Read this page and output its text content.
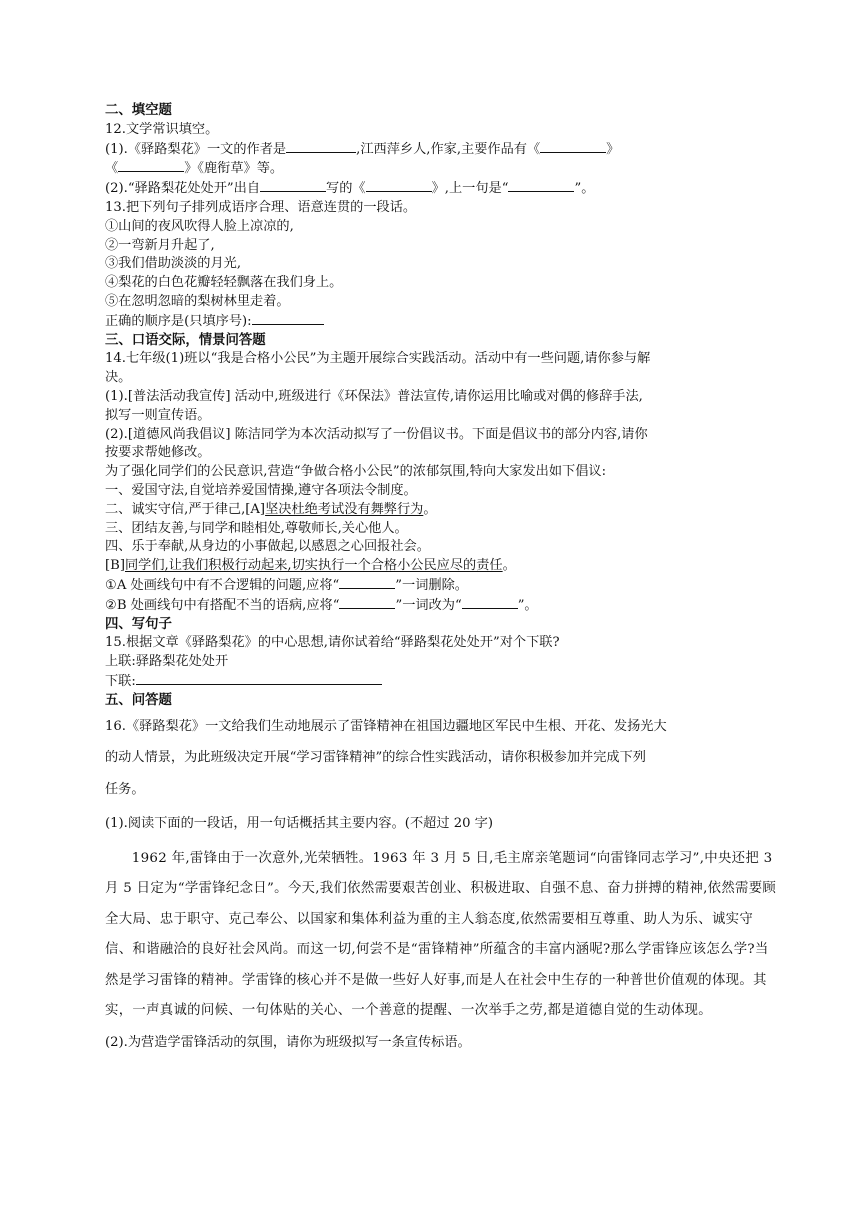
二、填空题
12.文学常识填空。
(1).《驿路梨花》一文的作者是	,江西萍乡人,作家,主要作品有《	》
《	》《鹿衔草》等。
(2).“驿路梨花处处开”出自	写的《	》,上一句是“	”。
13.把下列句子排列成语序合理、语意连贯的一段话。
①山间的夜风吹得人脸上凉凉的,
②一弯新月升起了,
③我们借助淡淡的月光,
④梨花的白色花瓣轻轻飘落在我们身上。
⑤在忽明忽暗的梨树林里走着。
正确的顺序是(只填序号):
三、口语交际，情景问答题
14.七年级(1)班以“我是合格小公民”为主题开展综合实践活动。活动中有一些问题,请你参与解
决。
(1).[普法活动我宣传] 活动中,班级进行《环保法》普法宣传,请你运用比喻或对偶的修辞手法,
拟写一则宣传语。
(2).[道德风尚我倡议] 陈洁同学为本次活动拟写了一份倡议书。下面是倡议书的部分内容,请你
按要求帮她修改。
为了强化同学们的公民意识,营造“争做合格小公民”的浓郁氛围,特向大家发出如下倡议:
一、爱国守法,自觉培养爱国情操,遵守各项法令制度。
二、诚实守信,严于律己,[A]坚决杜绝考试没有舞弊行为。
三、团结友善,与同学和睦相处,尊敬师长,关心他人。
四、乐于奉献,从身边的小事做起,以感恩之心回报社会。
[B]同学们,让我们积极行动起来,切实执行一个合格小公民应尽的责任。
①A 处画线句中有不合逻辑的问题,应将“	”一词删除。
②B 处画线句中有搭配不当的语病,应将“	”一词改为“	”。
四、写句子
15.根据文章《驿路梨花》的中心思想,请你试着给“驿路梨花处处开”对个下联?
上联:驿路梨花处处开
下联:
五、问答题
16.《驿路梨花》一文给我们生动地展示了雷锋精神在祖国边疆地区军民中生根、开花、发扬光大
的动人情景，为此班级决定开展“学习雷锋精神”的综合性实践活动，请你积极参加并完成下列
任务。
(1).阅读下面的一段话，用一句话概括其主要内容。(不超过 20 字)
1962 年,雷锋由于一次意外,光荣牺牲。1963 年 3 月 5 日,毛主席亲笔题词“向雷锋同志学习”,中央还把 3 月 5 日定为“学雷锋纪念日”。今天,我们依然需要艰苦创业、积极进取、自强不息、奋力拼搏的精神,依然需要顾全大局、忠于职守、克己奉公、以国家和集体利益为重的主人翁态度,依然需要相互尊重、助人为乐、诚实守信、和谐融洽的良好社会风尚。而这一切,何尝不是“雷锋精神”所蕴含的丰富内涵呢?那么学雷锋应该怎么学?当然是学习雷锋的精神。学雷锋的核心并不是做一些好人好事,而是人在社会中生存的一种普世价值观的体现。其实，一声真诚的问候、一句体贴的关心、一个善意的提醒、一次举手之劳,都是道德自觉的生动体现。
(2).为营造学雷锋活动的氛围，请你为班级拟写一条宣传标语。
